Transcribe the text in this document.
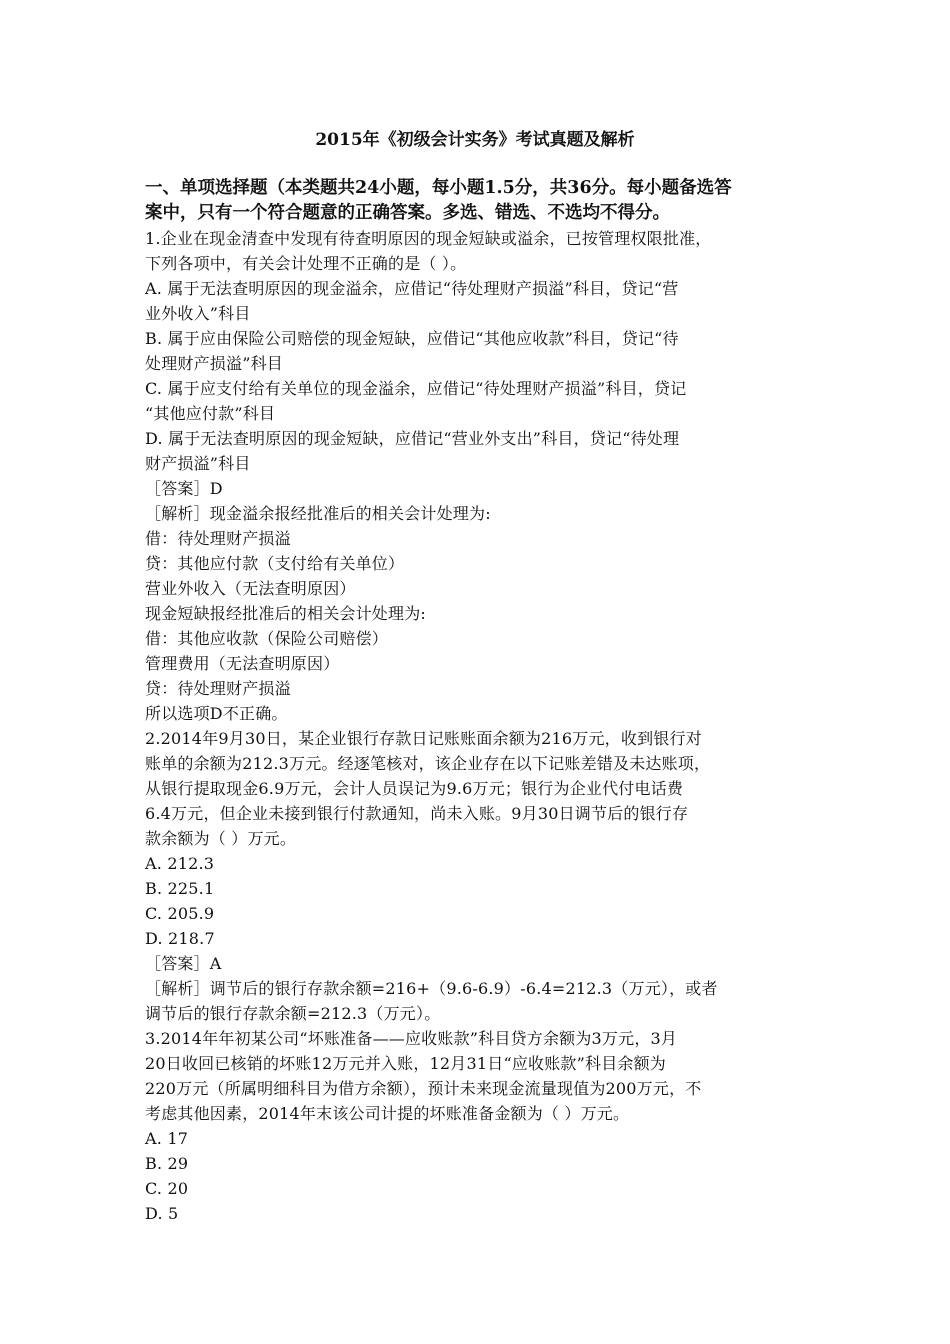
2015年《初级会计实务》考试真题及解析
一、单项选择题（本类题共24小题，每小题1.5分，共36分。每小题备选答
案中，只有一个符合题意的正确答案。多选、错选、不选均不得分。
1.企业在现金清查中发现有待查明原因的现金短缺或溢余，已按管理权限批准，
下列各项中，有关会计处理不正确的是（ ）。
A. 属于无法查明原因的现金溢余，应借记“待处理财产损溢”科目，贷记“营
业外收入”科目
B. 属于应由保险公司赔偿的现金短缺，应借记“其他应收款”科目，贷记“待
处理财产损溢”科目
C. 属于应支付给有关单位的现金溢余，应借记“待处理财产损溢”科目，贷记
“其他应付款”科目
D. 属于无法查明原因的现金短缺，应借记“营业外支出”科目，贷记“待处理
财产损溢”科目
［答案］D
［解析］现金溢余报经批准后的相关会计处理为:
借：待处理财产损溢
贷：其他应付款（支付给有关单位）
营业外收入（无法查明原因）
现金短缺报经批准后的相关会计处理为:
借：其他应收款（保险公司赔偿）
管理费用（无法查明原因）
贷：待处理财产损溢
所以选项D不正确。
2.2014年9月30日，某企业银行存款日记账账面余额为216万元，收到银行对
账单的余额为212.3万元。经逐笔核对，该企业存在以下记账差错及未达账项，
从银行提取现金6.9万元，会计人员误记为9.6万元；银行为企业代付电话费
6.4万元，但企业未接到银行付款通知，尚未入账。9月30日调节后的银行存
款余额为（ ）万元。
A. 212.3
B. 225.1
C. 205.9
D. 218.7
［答案］A
［解析］调节后的银行存款余额=216+（9.6-6.9）-6.4=212.3（万元），或者
调节后的银行存款余额=212.3（万元）。
3.2014年年初某公司“坏账准备——应收账款”科目贷方余额为3万元，3月
20日收回已核销的坏账12万元并入账，12月31日“应收账款”科目余额为
220万元（所属明细科目为借方余额），预计未来现金流量现值为200万元，不
考虑其他因素，2014年末该公司计提的坏账准备金额为（ ）万元。
A. 17
B. 29
C. 20
D. 5
